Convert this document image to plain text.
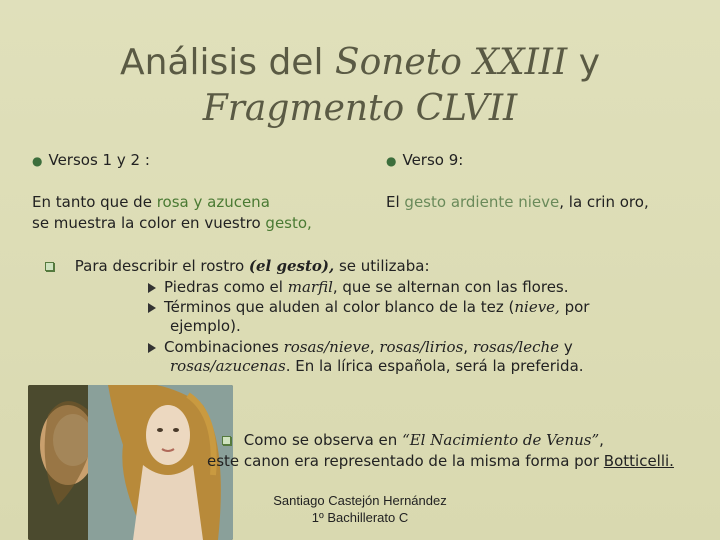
Análisis del Soneto XXIII y
Fragmento CLVII
● Versos 1 y 2 :	● Verso 9:
En tanto que de rosa y azucena
se muestra la color en vuestro gesto,
El gesto ardiente nieve, la crin oro,
Para describir el rostro (el gesto), se utilizaba:
Piedras como el marfil, que se alternan con las flores.
Términos que aluden al color blanco de la tez (nieve, por
ejemplo).
Combinaciones rosas/nieve, rosas/lirios, rosas/leche y
rosas/azucenas. En la lírica española, será la preferida.
Como se observa en “El Nacimiento de Venus”,
este canon era representado de la misma forma por Botticelli.
Santiago Castejón Hernández
1º Bachillerato C
